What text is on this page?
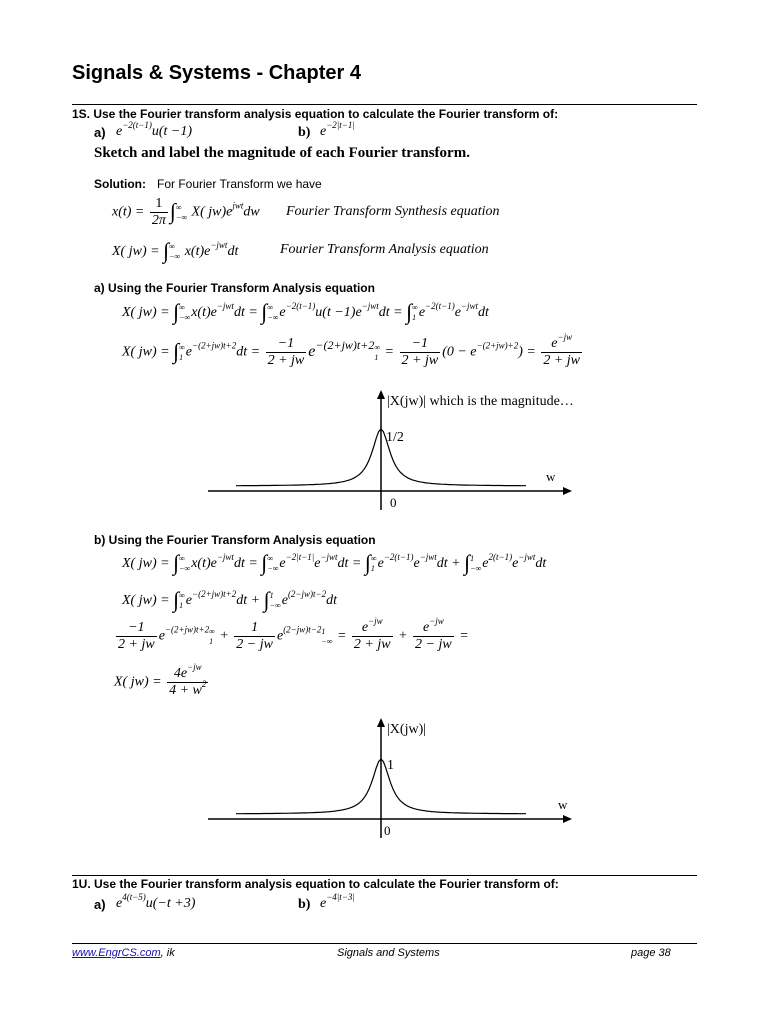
Signals & Systems - Chapter 4
1S. Use the Fourier transform analysis equation to calculate the Fourier transform of:
a) $e^{-2(t-1)}u(t -1)$	b) $e^{-2|t-1|}$
Sketch and label the magnitude of each Fourier transform.
Solution: For Fourier Transform we have
$x(t) = \frac{1}{2\pi}$ ∫ ∞
−∞ X( $jw)e^{jwt}dw$ Fourier Transform Synthesis equation
X( jw) = ∫ ∞
−∞ $x(t)e^{-jwt}dt$	Fourier Transform Analysis equation
a) Using the Fourier Transform Analysis equation
X( jw) = ∫ ∞
−∞ $x(t)e^{-jwt}dt$ = ∫ ∞
−∞ $e^{-2(t-1)}u(t -1)e^{-jwt}dt$ = ∫ ∞
1 $e^{-2(t-1)}e^{-jwt}dt$
X( jw) = ∫ ∞
1 $e^{-(2+jw)t+2}dt = \frac{-1}{2 + jw} e^{-(2+jw)t+2}$ ∞
$1 = \frac{-1}{2 + jw} (0 - e^{-(2+jw)+2}) = \frac{e^{-jw}}{2 + jw}$
|X(jw)| which is the magnitude…
1/2
w
0
b) Using the Fourier Transform Analysis equation
X( jw) = ∫ ∞
−∞ $x(t)e^{-jwt}dt$ = ∫ ∞
−∞ $e^{-2|t-1|}e^{-jwt}dt$ = ∫ ∞
1 $e^{-2(t-1)}e^{-jwt}dt$ + ∫ 1
−∞ $e^{2(t-1)}e^{-jwt}dt$
X( jw) = ∫ ∞
1 $e^{-(2+jw)t+2}dt$ + ∫ 1
−∞ $e^{(2-jw)t-2}dt$
$\frac{-1}{2 + jw} e^{-(2+jw)t+2}$ ∞
$1 + \frac{1}{2 - jw} e^{(2-jw)t-2}$ 1
−∞ = $\frac{e^{-jw}}{2 + jw} + \frac{e^{-jw}}{2 - jw}$ =
X( $jw) = \frac{4e^{-jw}}{4 + w^2}$
|X(jw)|
1
w
0
1U. Use the Fourier transform analysis equation to calculate the Fourier transform of:
a) $e^{4(t-5)}u(-t +3)$	b) $e^{-4|t-3|}$
www.EngrCS.com, ik	Signals and Systems	page 38
